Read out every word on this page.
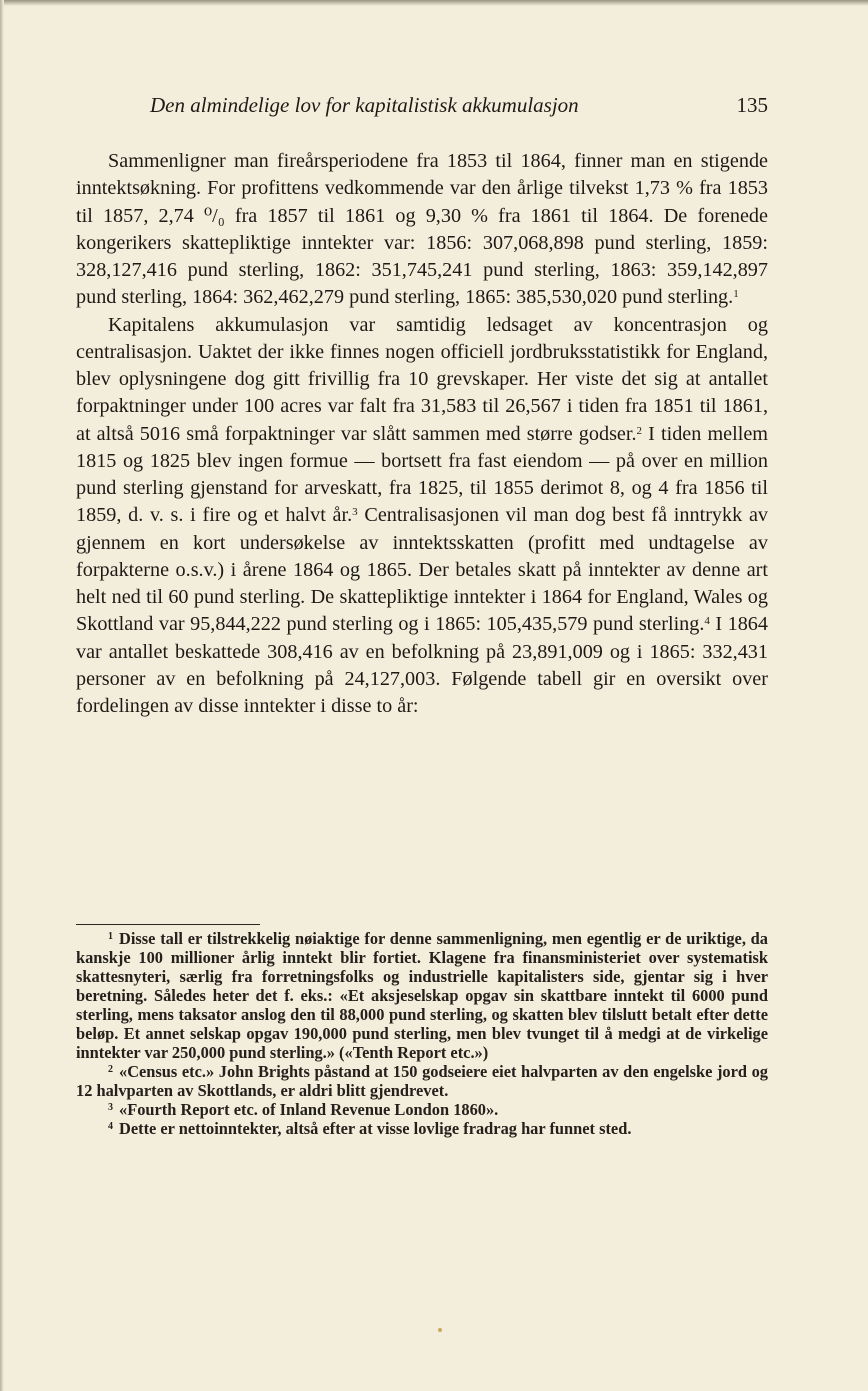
Den almindelige lov for kapitalistisk akkumulasjon	135

Sammenligner man fireårsperiodene fra 1853 til 1864, finner man en stigende inntektsøkning. For profittens vedkommende var den årlige tilvekst 1,73 % fra 1853 til 1857, 2,74 ⁰/₀ fra 1857 til 1861 og 9,30 % fra 1861 til 1864. De forenede kongerikers skattepliktige inntekter var: 1856: 307,068,898 pund sterling, 1859: 328,127,416 pund sterling, 1862: 351,745,241 pund sterling, 1863: 359,142,897 pund sterling, 1864: 362,462,279 pund sterling, 1865: 385,530,020 pund sterling.$^1$

Kapitalens akkumulasjon var samtidig ledsaget av koncentrasjon og centralisasjon. Uaktet der ikke finnes nogen officiell jordbruksstatistikk for England, blev oplysningene dog gitt frivillig fra 10 grevskaper. Her viste det sig at antallet forpaktninger under 100 acres var falt fra 31,583 til 26,567 i tiden fra 1851 til 1861, at altså 5016 små forpaktninger var slått sammen med større godser.$^2$ I tiden mellem 1815 og 1825 blev ingen formue — bortsett fra fast eiendom — på over en million pund sterling gjenstand for arveskatt, fra 1825, til 1855 derimot 8, og 4 fra 1856 til 1859, d. v. s. i fire og et halvt år.$^3$ Centralisasjonen vil man dog best få inntrykk av gjennem en kort undersøkelse av inntektsskatten (profitt med undtagelse av forpakterne o.s.v.) i årene 1864 og 1865. Der betales skatt på inntekter av denne art helt ned til 60 pund sterling. De skattepliktige inntekter i 1864 for England, Wales og Skottland var 95,844,222 pund sterling og i 1865: 105,435,579 pund sterling.$^4$ I 1864 var antallet beskattede 308,416 av en befolkning på 23,891,009 og i 1865: 332,431 personer av en befolkning på 24,127,003. Følgende tabell gir en oversikt over fordelingen av disse inntekter i disse to år:

$^1$ Disse tall er tilstrekkelig nøiaktige for denne sammenligning, men egentlig er de uriktige, da kanskje 100 millioner årlig inntekt blir fortiet. Klagene fra finansministeriet over systematisk skattesnyteri, særlig fra forretningsfolks og industrielle kapitalisters side, gjentar sig i hver beretning. Således heter det f. eks.: «Et aksjeselskap opgav sin skattbare inntekt til 6000 pund sterling, mens taksator anslog den til 88,000 pund sterling, og skatten blev tilslutt betalt efter dette beløp. Et annet selskap opgav 190,000 pund sterling, men blev tvunget til å medgi at de virkelige inntekter var 250,000 pund sterling.» («Tenth Report etc.»)

$^2$ «Census etc.» John Brights påstand at 150 godseiere eiet halvparten av den engelske jord og 12 halvparten av Skottlands, er aldri blitt gjendrevet.

$^3$ «Fourth Report etc. of Inland Revenue London 1860».

$^4$ Dette er nettoinntekter, altså efter at visse lovlige fradrag har funnet sted.
